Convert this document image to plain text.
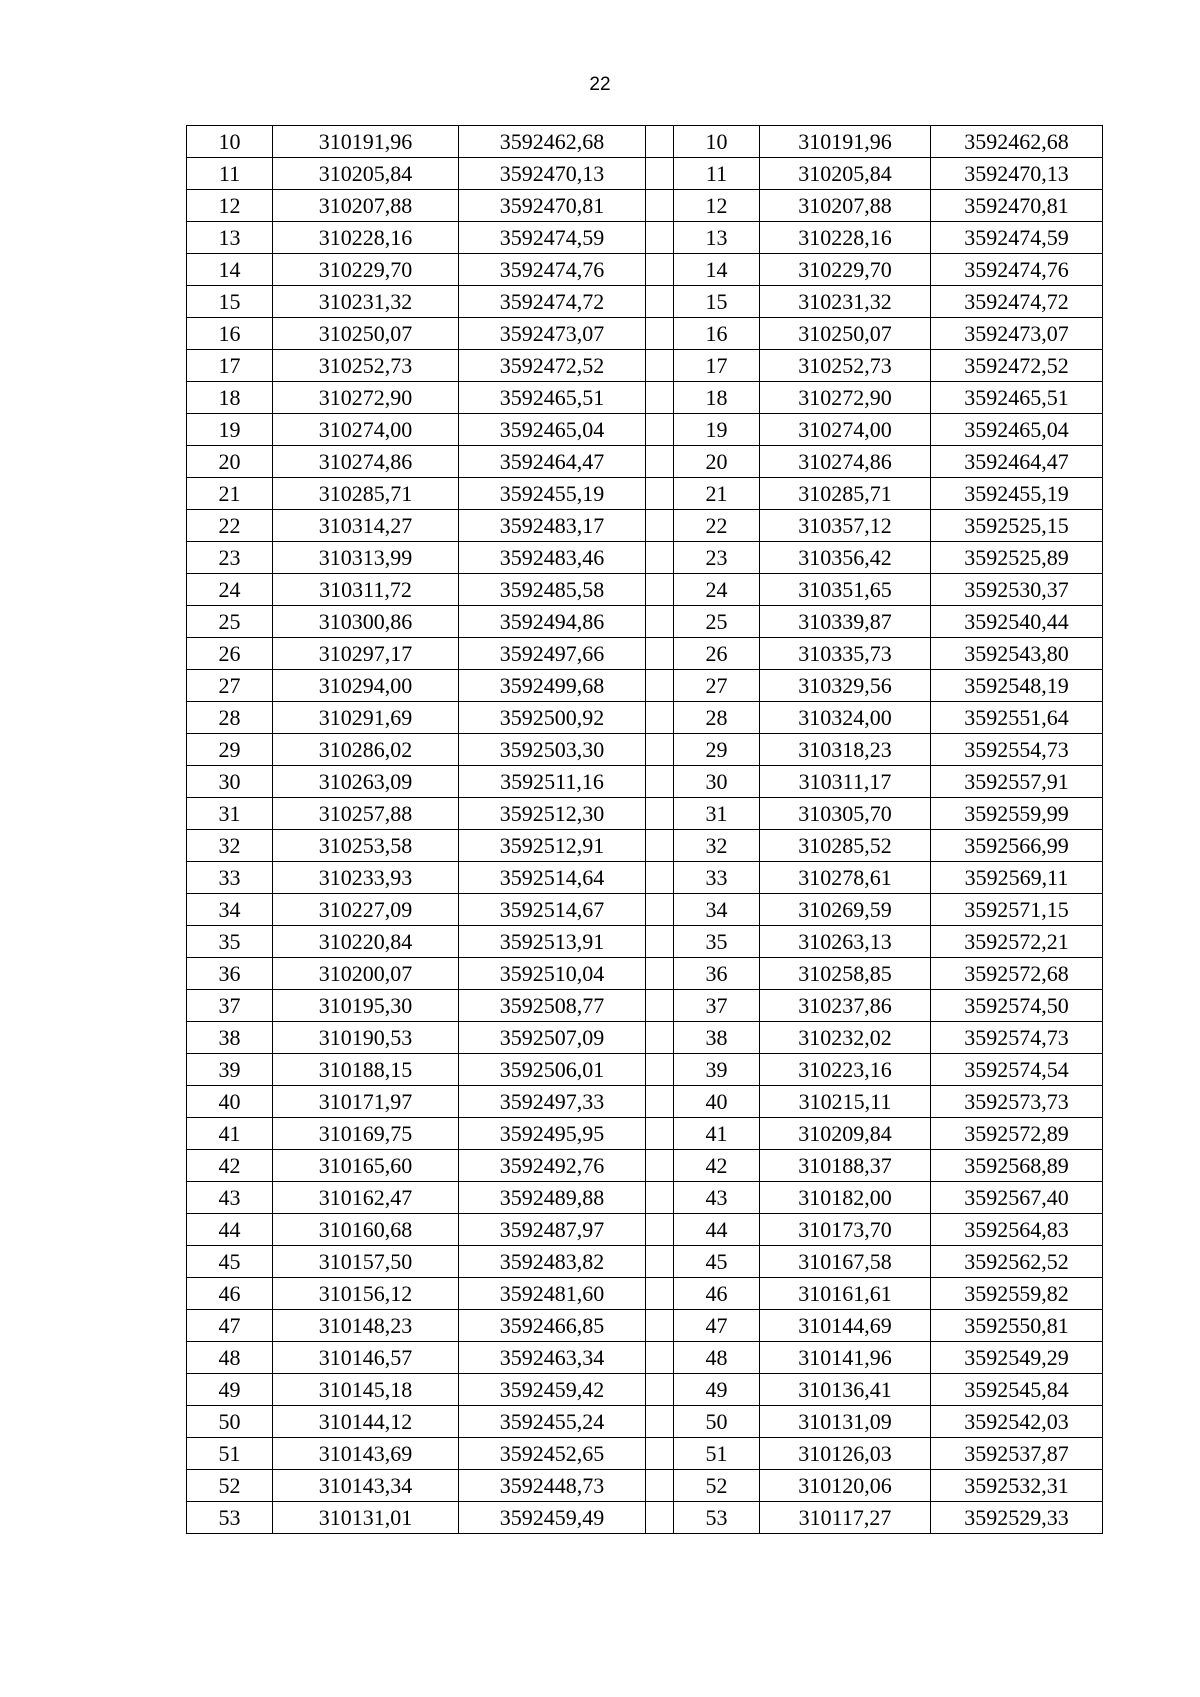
22
10	310191,96	3592462,68		10	310191,96	3592462,68
11	310205,84	3592470,13		11	310205,84	3592470,13
12	310207,88	3592470,81		12	310207,88	3592470,81
13	310228,16	3592474,59		13	310228,16	3592474,59
14	310229,70	3592474,76		14	310229,70	3592474,76
15	310231,32	3592474,72		15	310231,32	3592474,72
16	310250,07	3592473,07		16	310250,07	3592473,07
17	310252,73	3592472,52		17	310252,73	3592472,52
18	310272,90	3592465,51		18	310272,90	3592465,51
19	310274,00	3592465,04		19	310274,00	3592465,04
20	310274,86	3592464,47		20	310274,86	3592464,47
21	310285,71	3592455,19		21	310285,71	3592455,19
22	310314,27	3592483,17		22	310357,12	3592525,15
23	310313,99	3592483,46		23	310356,42	3592525,89
24	310311,72	3592485,58		24	310351,65	3592530,37
25	310300,86	3592494,86		25	310339,87	3592540,44
26	310297,17	3592497,66		26	310335,73	3592543,80
27	310294,00	3592499,68		27	310329,56	3592548,19
28	310291,69	3592500,92		28	310324,00	3592551,64
29	310286,02	3592503,30		29	310318,23	3592554,73
30	310263,09	3592511,16		30	310311,17	3592557,91
31	310257,88	3592512,30		31	310305,70	3592559,99
32	310253,58	3592512,91		32	310285,52	3592566,99
33	310233,93	3592514,64		33	310278,61	3592569,11
34	310227,09	3592514,67		34	310269,59	3592571,15
35	310220,84	3592513,91		35	310263,13	3592572,21
36	310200,07	3592510,04		36	310258,85	3592572,68
37	310195,30	3592508,77		37	310237,86	3592574,50
38	310190,53	3592507,09		38	310232,02	3592574,73
39	310188,15	3592506,01		39	310223,16	3592574,54
40	310171,97	3592497,33		40	310215,11	3592573,73
41	310169,75	3592495,95		41	310209,84	3592572,89
42	310165,60	3592492,76		42	310188,37	3592568,89
43	310162,47	3592489,88		43	310182,00	3592567,40
44	310160,68	3592487,97		44	310173,70	3592564,83
45	310157,50	3592483,82		45	310167,58	3592562,52
46	310156,12	3592481,60		46	310161,61	3592559,82
47	310148,23	3592466,85		47	310144,69	3592550,81
48	310146,57	3592463,34		48	310141,96	3592549,29
49	310145,18	3592459,42		49	310136,41	3592545,84
50	310144,12	3592455,24		50	310131,09	3592542,03
51	310143,69	3592452,65		51	310126,03	3592537,87
52	310143,34	3592448,73		52	310120,06	3592532,31
53	310131,01	3592459,49		53	310117,27	3592529,33
